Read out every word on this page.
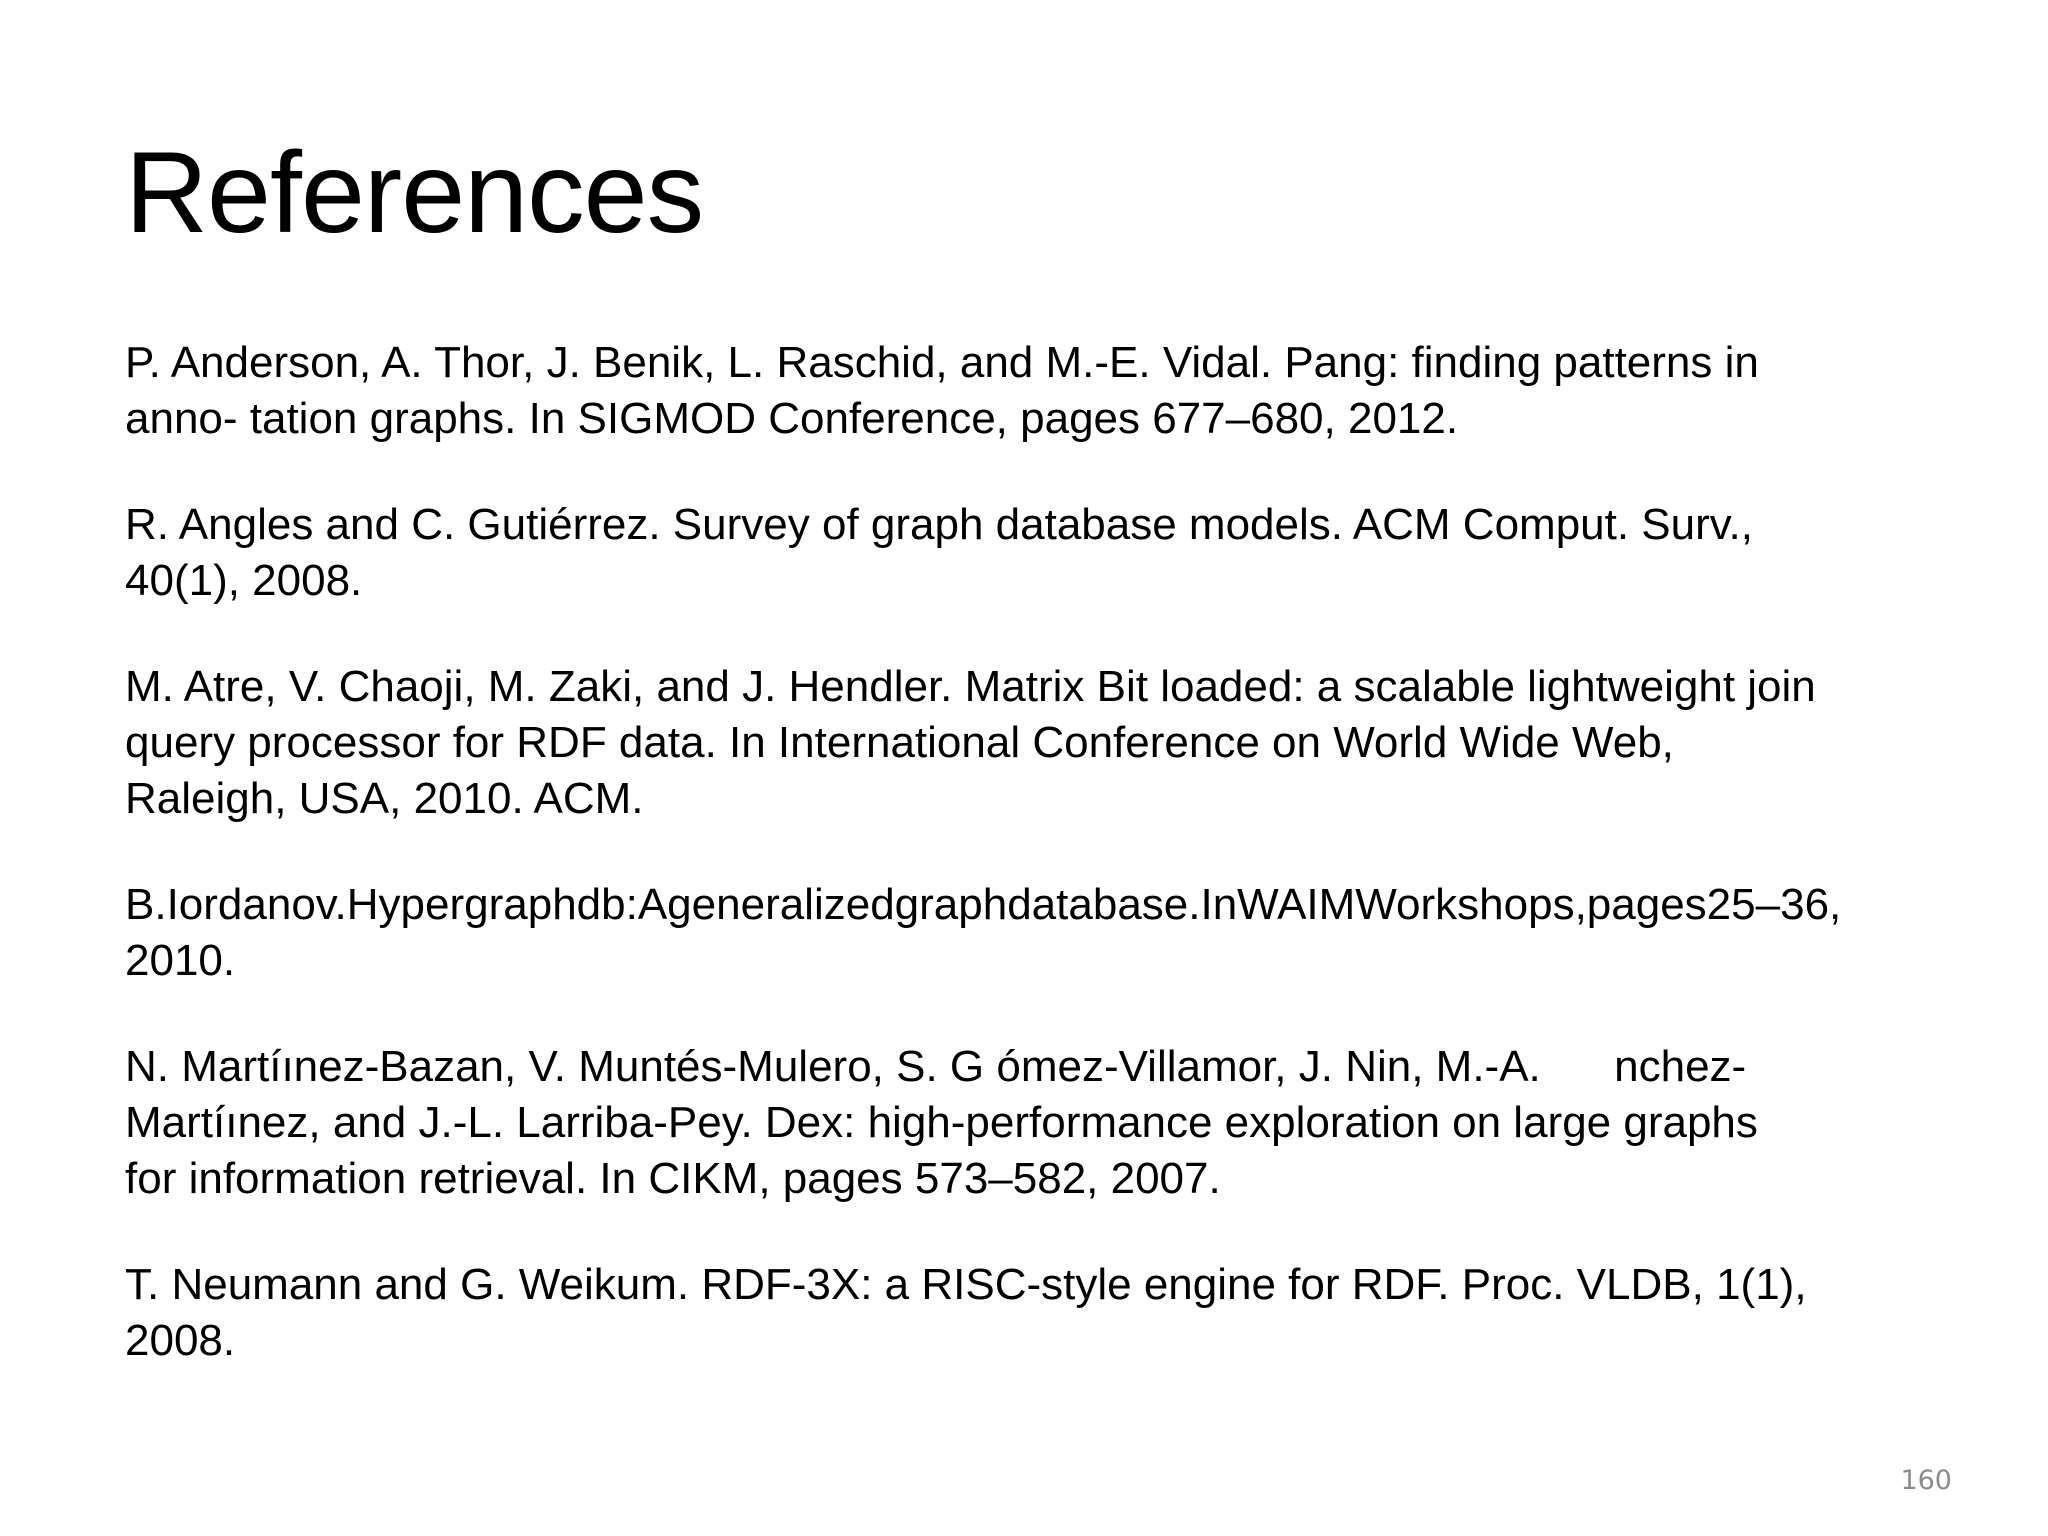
References
P. Anderson, A. Thor, J. Benik, L. Raschid, and M.-E. Vidal. Pang: finding patterns in
anno- tation graphs. In SIGMOD Conference, pages 677–680, 2012.
R. Angles and C. Gutiérrez. Survey of graph database models. ACM Comput. Surv.,
40(1), 2008.
M. Atre, V. Chaoji, M. Zaki, and J. Hendler. Matrix Bit loaded: a scalable lightweight join
query processor for RDF data. In International Conference on World Wide Web,
Raleigh, USA, 2010. ACM.
B.Iordanov.Hypergraphdb:Ageneralizedgraphdatabase.InWAIMWorkshops,pages25–36,
2010.
N. Martíınez-Bazan, V. Muntés-Mulero, S. G ómez-Villamor, J. Nin, M.-A.      nchez-
Martíınez, and J.-L. Larriba-Pey. Dex: high-performance exploration on large graphs
for information retrieval. In CIKM, pages 573–582, 2007.
T. Neumann and G. Weikum. RDF-3X: a RISC-style engine for RDF. Proc. VLDB, 1(1),
2008.
160
